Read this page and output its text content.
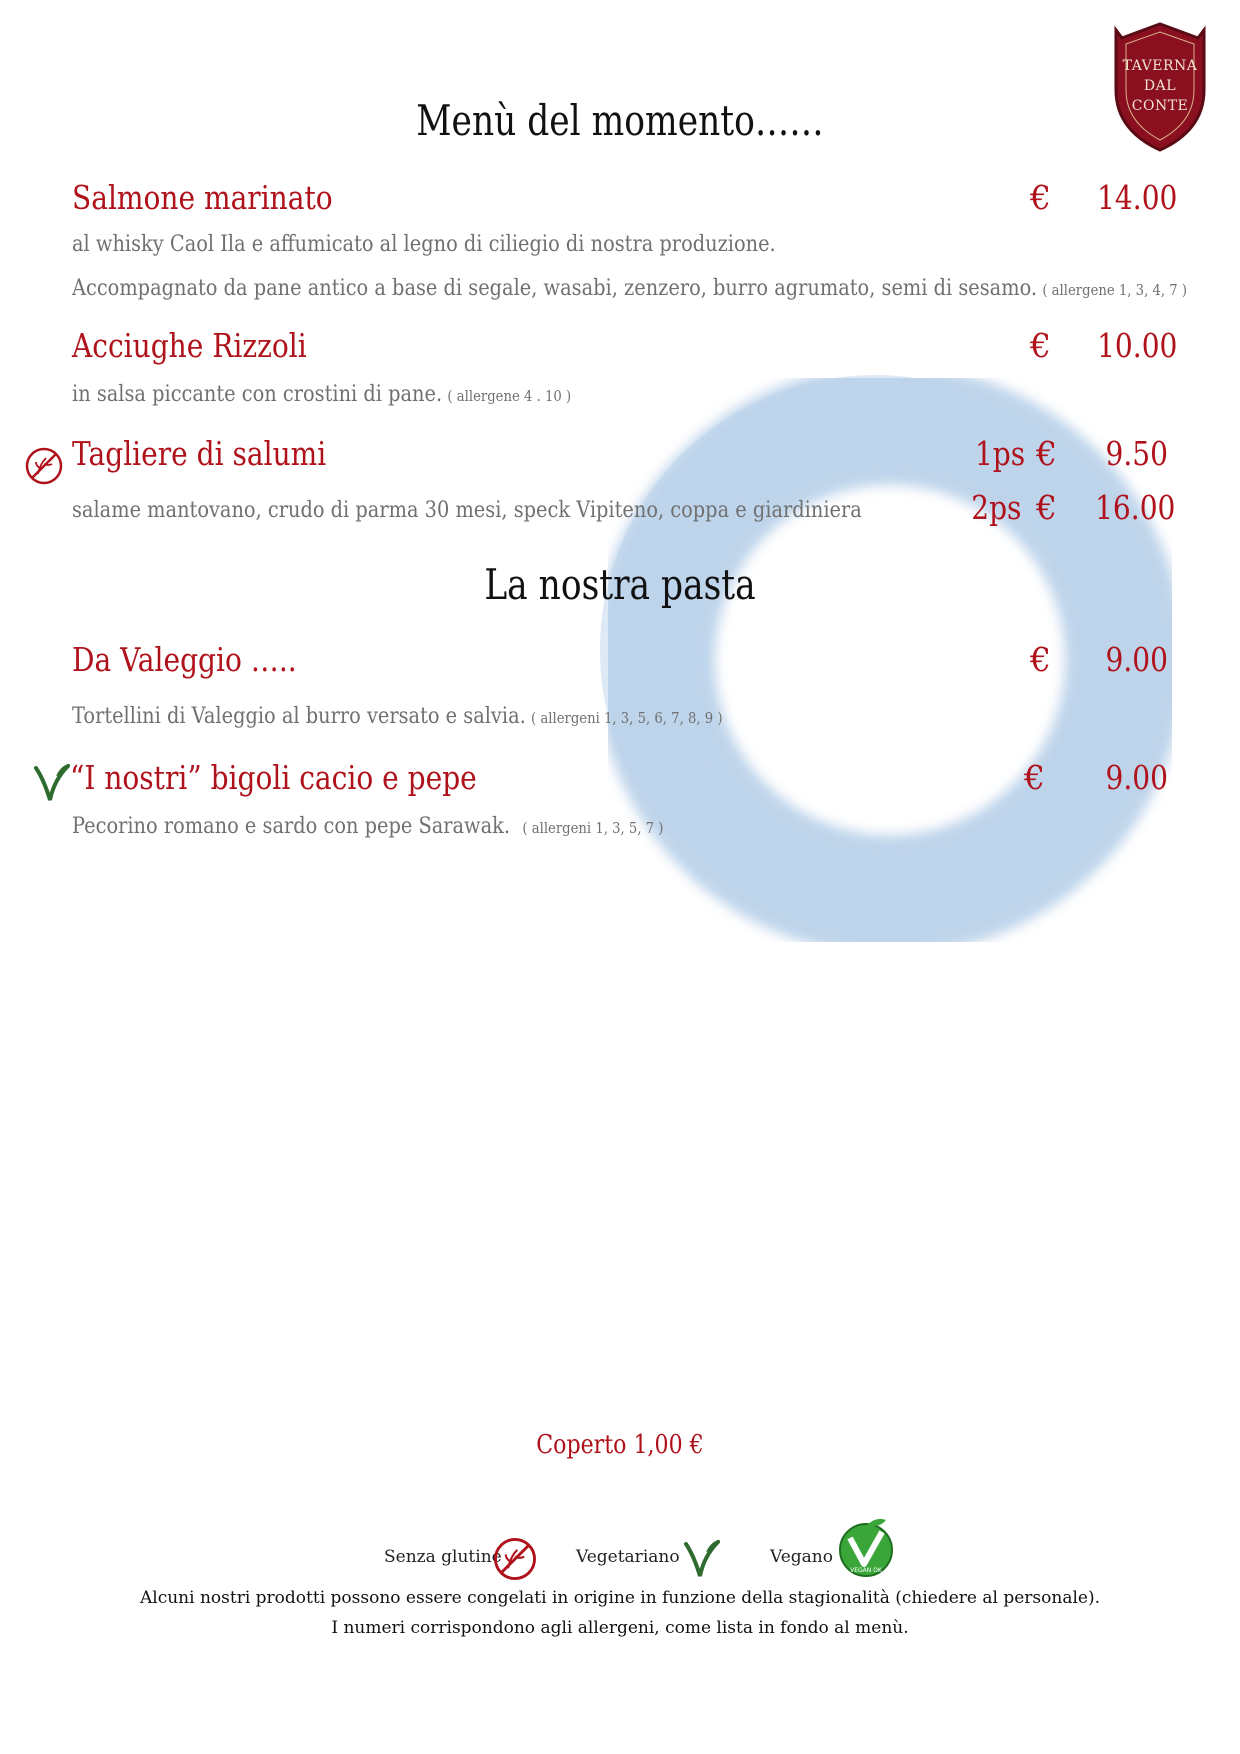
TAVERNA
DAL
CONTE
Menù del momento……
Salmone marinato	€ 14.00
al whisky Caol Ila e affumicato al legno di ciliegio di nostra produzione.
Accompagnato da pane antico a base di segale, wasabi, zenzero, burro agrumato, semi di sesamo. ( allergene 1, 3, 4, 7 )
Acciughe Rizzoli	€ 10.00
in salsa piccante con crostini di pane. ( allergene 4 . 10 )
Tagliere di salumi	1ps € 9.50
2ps € 16.00
salame mantovano, crudo di parma 30 mesi, speck Vipiteno, coppa e giardiniera
La nostra pasta
Da Valeggio …..	€ 9.00
Tortellini di Valeggio al burro versato e salvia. ( allergeni 1, 3, 5, 6, 7, 8, 9 )
“I nostri” bigoli cacio e pepe	€ 9.00
Pecorino romano e sardo con pepe Sarawak. ( allergeni 1, 3, 5, 7 )
Coperto 1,00 €
Senza glutine	Vegetariano	Vegano
VEGAN OK
Alcuni nostri prodotti possono essere congelati in origine in funzione della stagionalità (chiedere al personale).
I numeri corrispondono agli allergeni, come lista in fondo al menù.
